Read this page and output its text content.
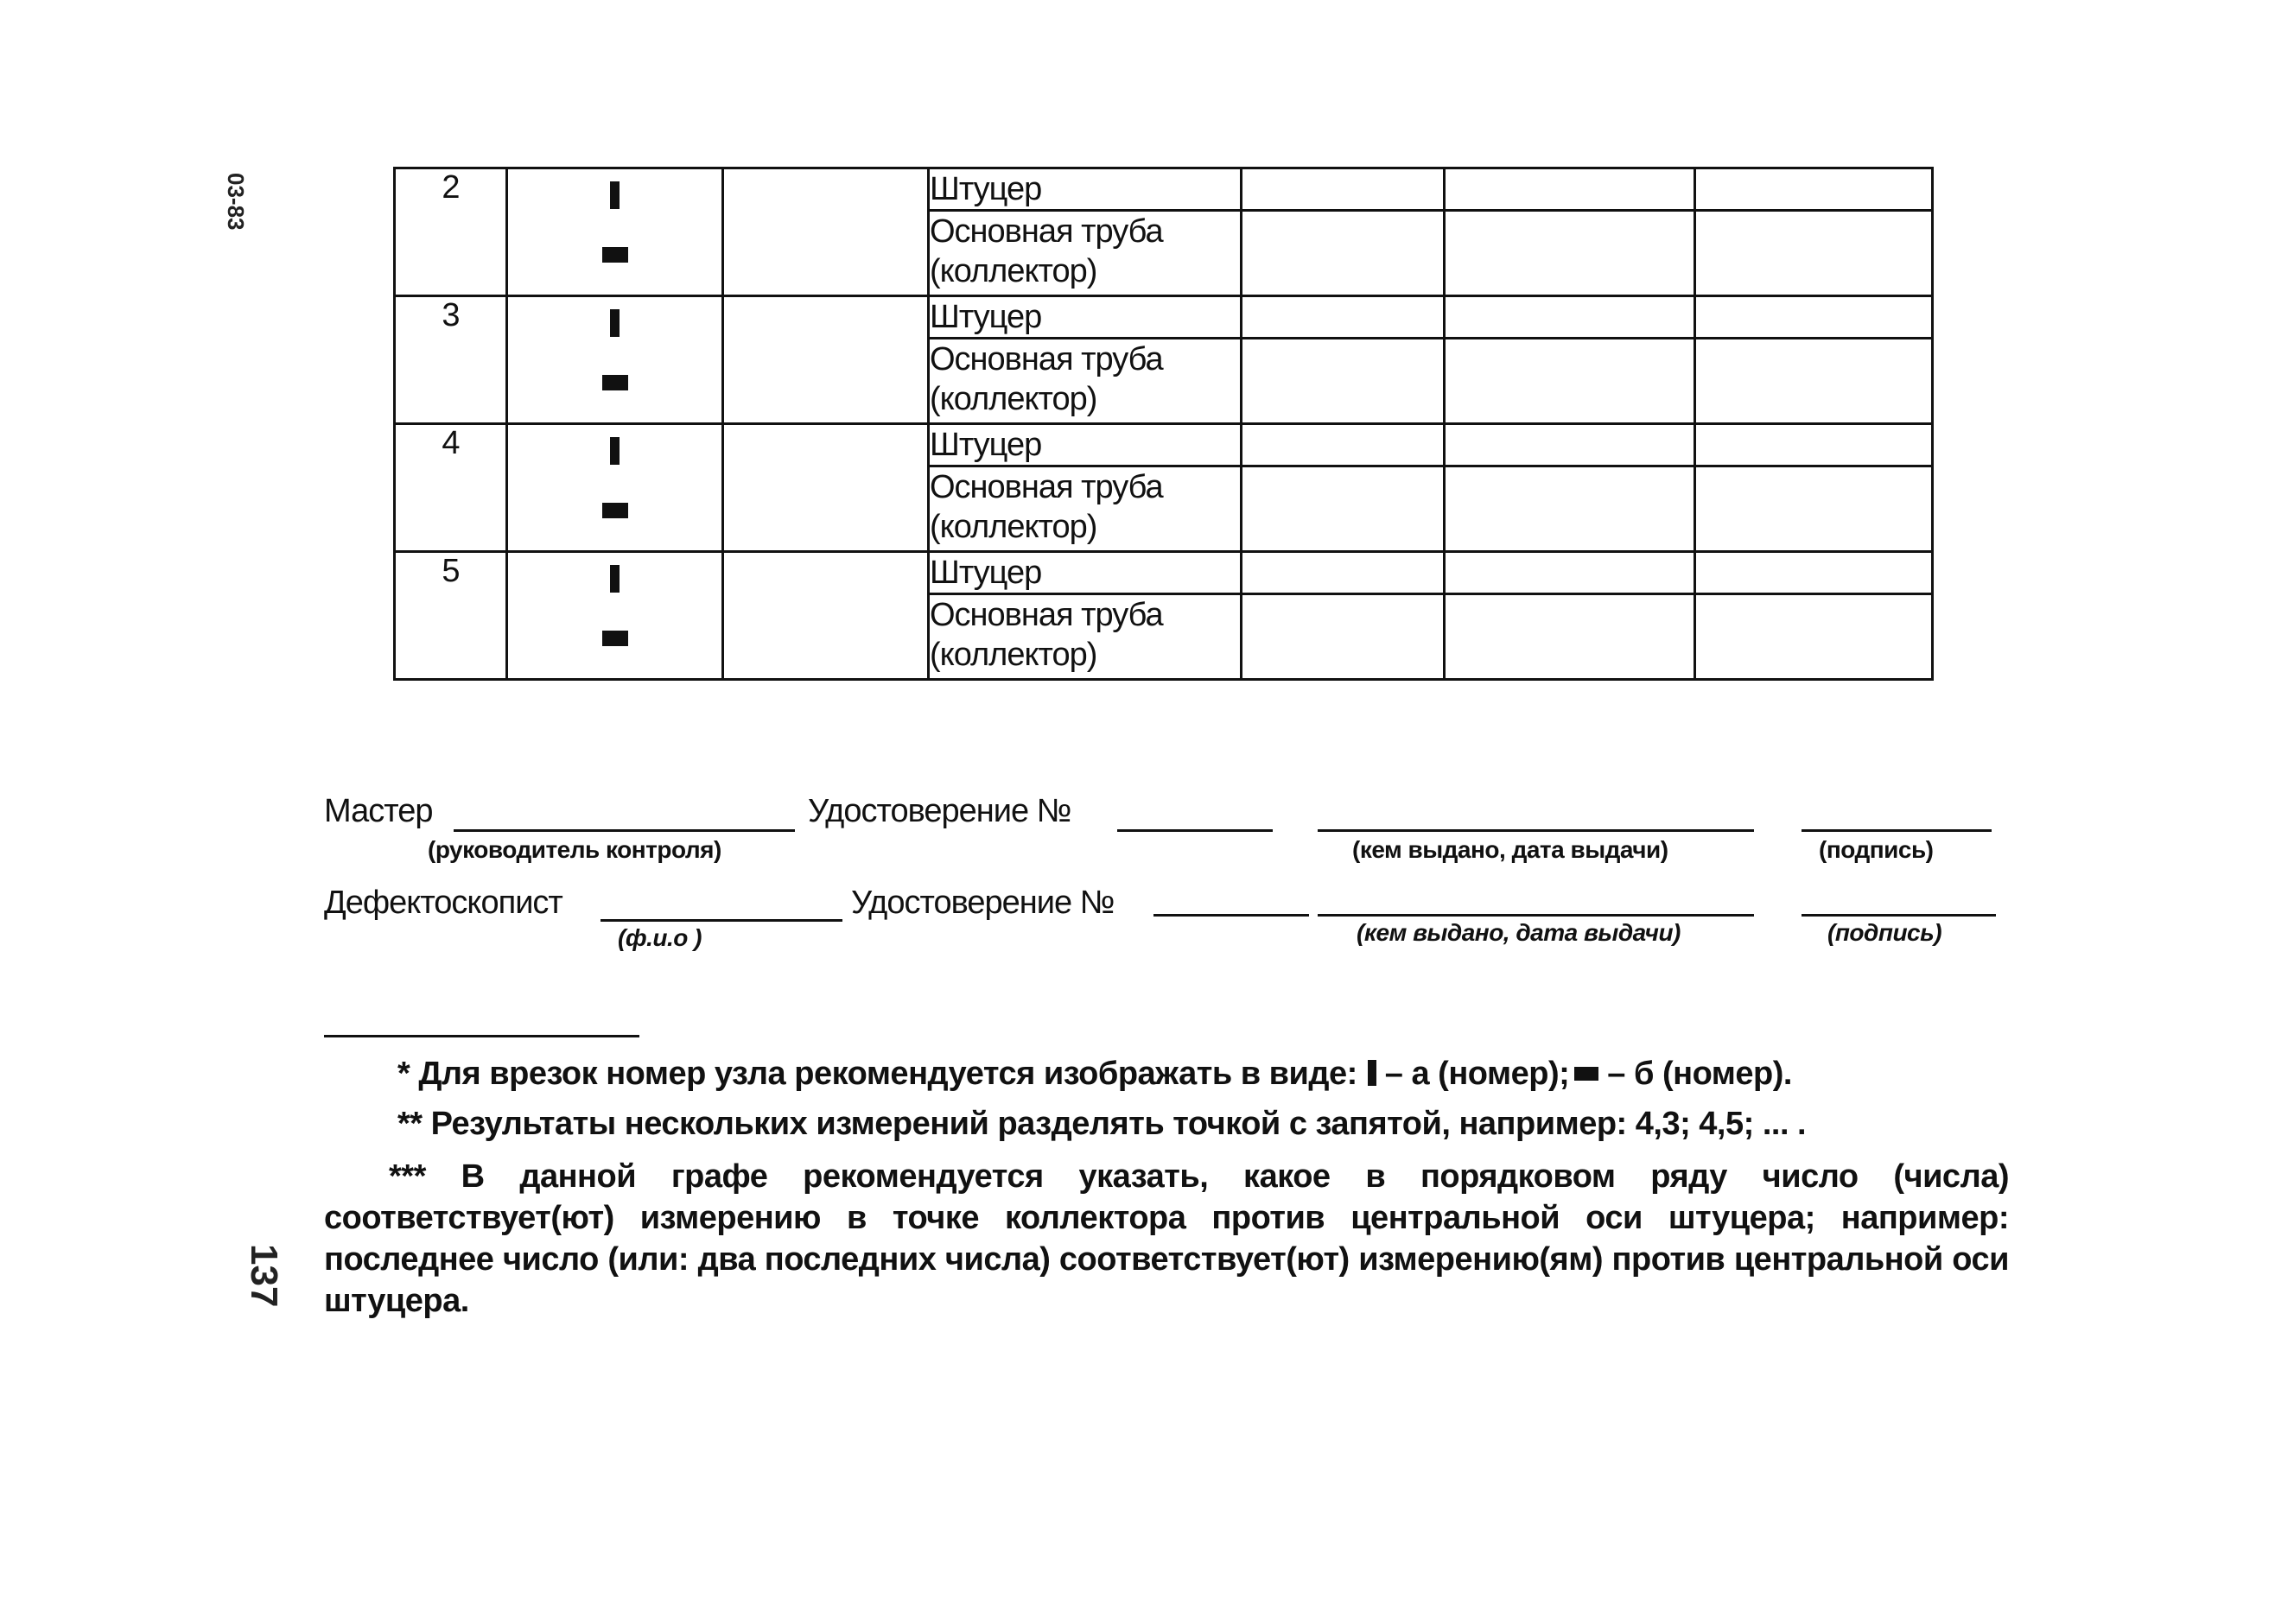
03-83
137
2			Штуцер			
			Основная труба (коллектор)			
3			Штуцер			
			Основная труба (коллектор)			
4			Штуцер			
			Основная труба (коллектор)			
5			Штуцер			
			Основная труба (коллектор)			
Мастер
(руководитель контроля)
Удостоверение №
(кем выдано, дата выдачи)	(подпись)
Дефектоскопист
(ф.и.о )
Удостоверение №
(кем выдано, дата выдачи)	(подпись)
* Для врезок номер узла рекомендуется изображать в виде: – а (номер); – б (номер).
** Результаты нескольких измерений разделять точкой с запятой, например: 4,3; 4,5; ... .
*** В данной графе рекомендуется указать, какое в порядковом ряду число (числа) соответствует(ют) измерению в точке коллектора против центральной оси штуцера; например: последнее число (или: два последних числа) соответствует(ют) измерению(ям) против центральной оси штуцера.
